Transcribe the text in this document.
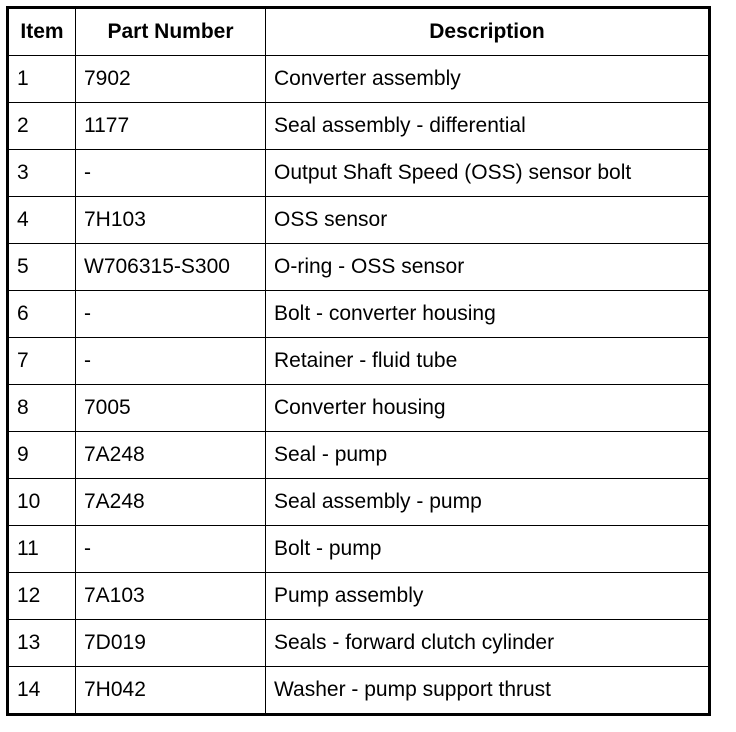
Item	Part Number	Description
1	7902	Converter assembly
2	1177	Seal assembly - differential
3	-	Output Shaft Speed (OSS) sensor bolt
4	7H103	OSS sensor
5	W706315-S300	O-ring - OSS sensor
6	-	Bolt - converter housing
7	-	Retainer - fluid tube
8	7005	Converter housing
9	7A248	Seal - pump
10	7A248	Seal assembly - pump
11	-	Bolt - pump
12	7A103	Pump assembly
13	7D019	Seals - forward clutch cylinder
14	7H042	Washer - pump support thrust
